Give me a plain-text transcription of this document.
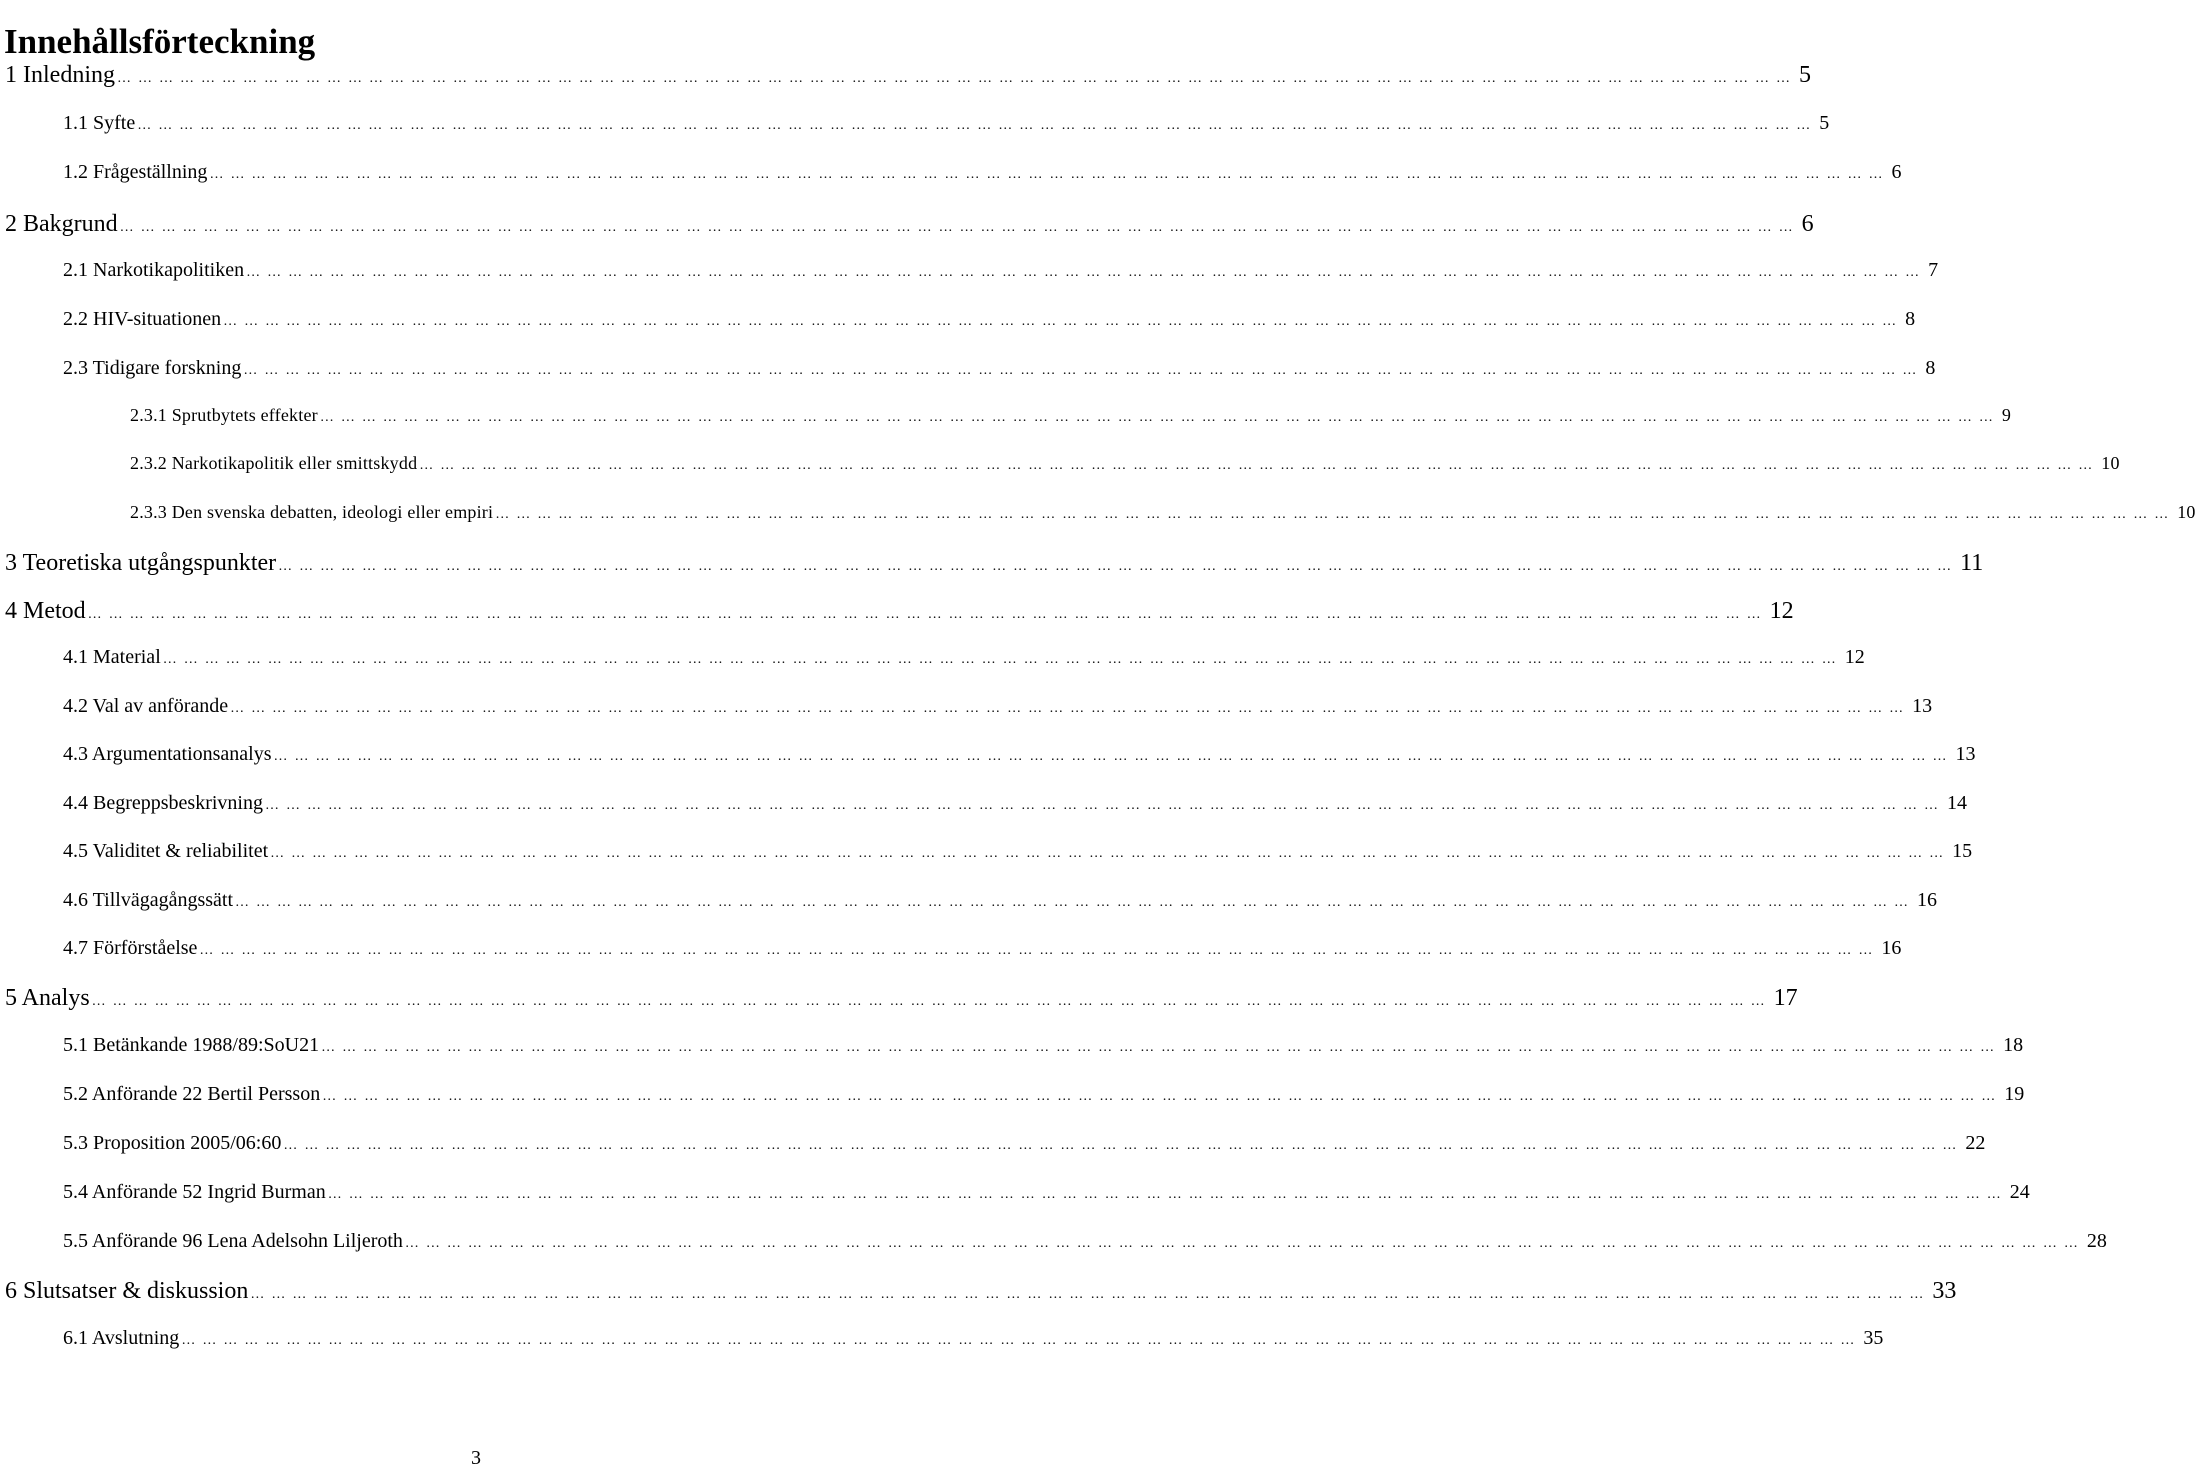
Innehållsförteckning
1 Inledning …………………………………………………………………………………………………………………………………………………………………………………………………………………… 5
1.1 Syfte …………………………………………………………………………………………………………………………………………………………………………………………………………………… 5
1.2 Frågeställning …………………………………………………………………………………………………………………………………………………………………………………………………………………… 6
2 Bakgrund …………………………………………………………………………………………………………………………………………………………………………………………………………………… 6
2.1 Narkotikapolitiken …………………………………………………………………………………………………………………………………………………………………………………………………………………… 7
2.2 HIV-situationen …………………………………………………………………………………………………………………………………………………………………………………………………………………… 8
2.3 Tidigare forskning …………………………………………………………………………………………………………………………………………………………………………………………………………………… 8
2.3.1 Sprutbytets effekter …………………………………………………………………………………………………………………………………………………………………………………………………………………… 9
2.3.2 Narkotikapolitik eller smittskydd …………………………………………………………………………………………………………………………………………………………………………………………………………………… 10
2.3.3 Den svenska debatten, ideologi eller empiri …………………………………………………………………………………………………………………………………………………………………………………………………………………… 10
3 Teoretiska utgångspunkter …………………………………………………………………………………………………………………………………………………………………………………………………………………… 11
4 Metod …………………………………………………………………………………………………………………………………………………………………………………………………………………… 12
4.1 Material …………………………………………………………………………………………………………………………………………………………………………………………………………………… 12
4.2 Val av anförande …………………………………………………………………………………………………………………………………………………………………………………………………………………… 13
4.3 Argumentationsanalys …………………………………………………………………………………………………………………………………………………………………………………………………………………… 13
4.4 Begreppsbeskrivning …………………………………………………………………………………………………………………………………………………………………………………………………………………… 14
4.5 Validitet & reliabilitet …………………………………………………………………………………………………………………………………………………………………………………………………………………… 15
4.6 Tillvägagångssätt …………………………………………………………………………………………………………………………………………………………………………………………………………………… 16
4.7 Förförståelse …………………………………………………………………………………………………………………………………………………………………………………………………………………… 16
5 Analys …………………………………………………………………………………………………………………………………………………………………………………………………………………… 17
5.1 Betänkande 1988/89:SoU21 …………………………………………………………………………………………………………………………………………………………………………………………………………………… 18
5.2 Anförande 22 Bertil Persson …………………………………………………………………………………………………………………………………………………………………………………………………………………… 19
5.3 Proposition 2005/06:60 …………………………………………………………………………………………………………………………………………………………………………………………………………………… 22
5.4 Anförande 52 Ingrid Burman …………………………………………………………………………………………………………………………………………………………………………………………………………………… 24
5.5 Anförande 96 Lena Adelsohn Liljeroth …………………………………………………………………………………………………………………………………………………………………………………………………………………… 28
6 Slutsatser & diskussion …………………………………………………………………………………………………………………………………………………………………………………………………………………… 33
6.1 Avslutning …………………………………………………………………………………………………………………………………………………………………………………………………………………… 35
3
